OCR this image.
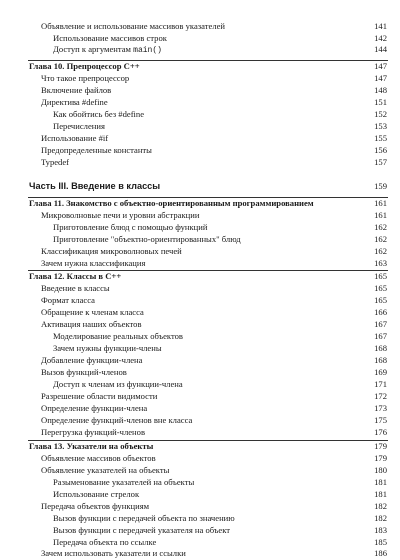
Объявление и использование массивов указателей	141
Использование массивов строк	142
Доступ к аргументам main()	144
Глава 10. Препроцессор C++	147
Что такое препроцессор	147
Включение файлов	148
Директива #define	151
Как обойтись без #define	152
Перечисления	153
Использование #if	155
Предопределенные константы	156
Typedef	157
Часть III. Введение в классы	159
Глава 11. Знакомство с объектно-ориентированным программированием	161
Микроволновые печи и уровни абстракции	161
Приготовление блюд с помощью функций	162
Приготовление "объектно-ориентированных" блюд	162
Классификация микроволновых печей	162
Зачем нужна классификация	163
Глава 12. Классы в C++	165
Введение в классы	165
Формат класса	165
Обращение к членам класса	166
Активация наших объектов	167
Моделирование реальных объектов	167
Зачем нужны функции-члены	168
Добавление функции-члена	168
Вызов функций-членов	169
Доступ к членам из функции-члена	171
Разрешение области видимости	172
Определение функции-члена	173
Определение функций-членов вне класса	175
Перегрузка функций-членов	176
Глава 13. Указатели на объекты	179
Объявление массивов объектов	179
Объявление указателей на объекты	180
Разыменование указателей на объекты	181
Использование стрелок	181
Передача объектов функциям	182
Вызов функции с передачей объекта по значению	182
Вызов функции с передачей указателя на объект	183
Передача объекта по ссылке	185
Зачем использовать указатели и ссылки	186
